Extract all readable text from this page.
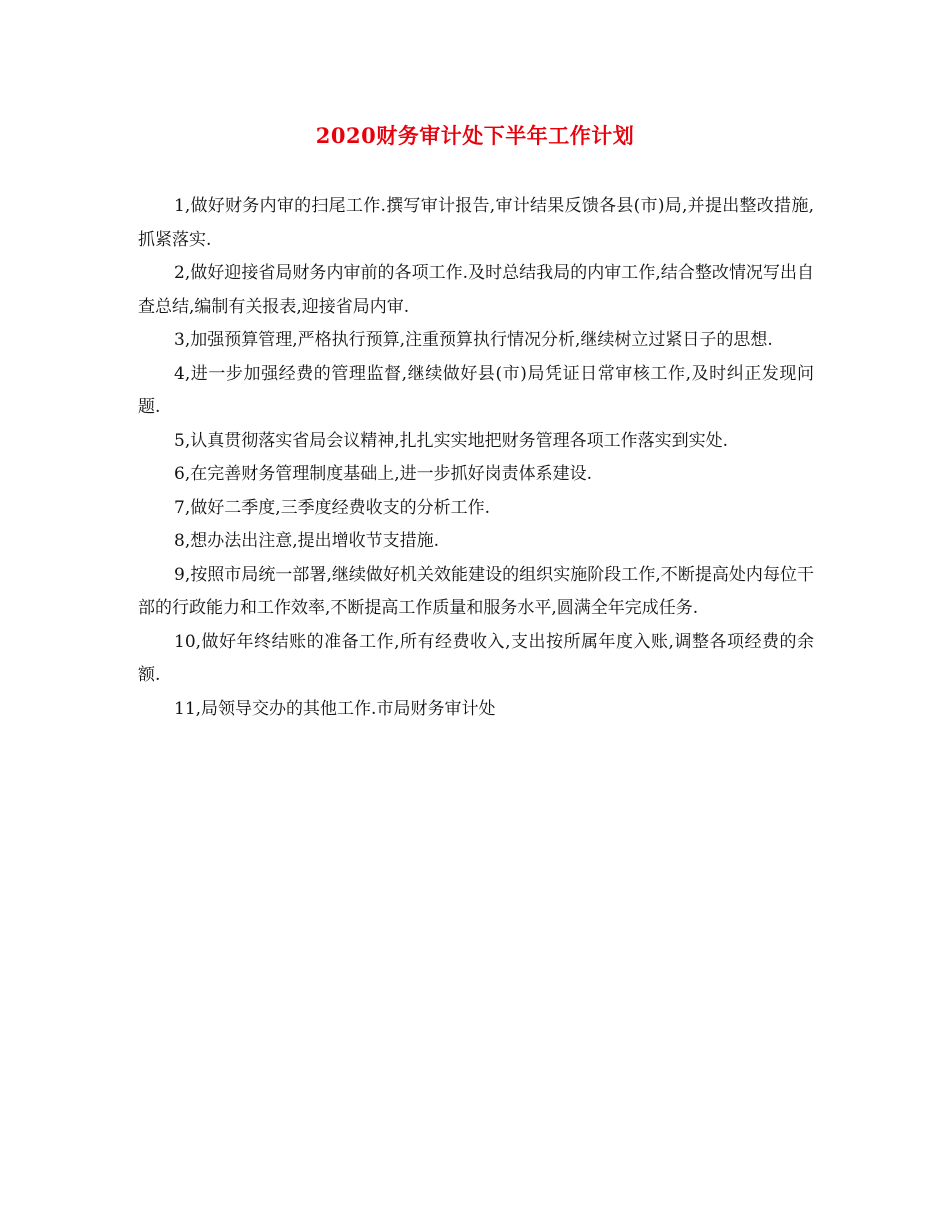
2020财务审计处下半年工作计划

1,做好财务内审的扫尾工作.撰写审计报告,审计结果反馈各县(市)局,并提出整改措施,抓紧落实.

2,做好迎接省局财务内审前的各项工作.及时总结我局的内审工作,结合整改情况写出自查总结,编制有关报表,迎接省局内审.

3,加强预算管理,严格执行预算,注重预算执行情况分析,继续树立过紧日子的思想.

4,进一步加强经费的管理监督,继续做好县(市)局凭证日常审核工作,及时纠正发现问题.

5,认真贯彻落实省局会议精神,扎扎实实地把财务管理各项工作落实到实处.

6,在完善财务管理制度基础上,进一步抓好岗责体系建设.

7,做好二季度,三季度经费收支的分析工作.

8,想办法出注意,提出增收节支措施.

9,按照市局统一部署,继续做好机关效能建设的组织实施阶段工作,不断提高处内每位干部的行政能力和工作效率,不断提高工作质量和服务水平,圆满全年完成任务.

10,做好年终结账的准备工作,所有经费收入,支出按所属年度入账,调整各项经费的余额.

11,局领导交办的其他工作.市局财务审计处
